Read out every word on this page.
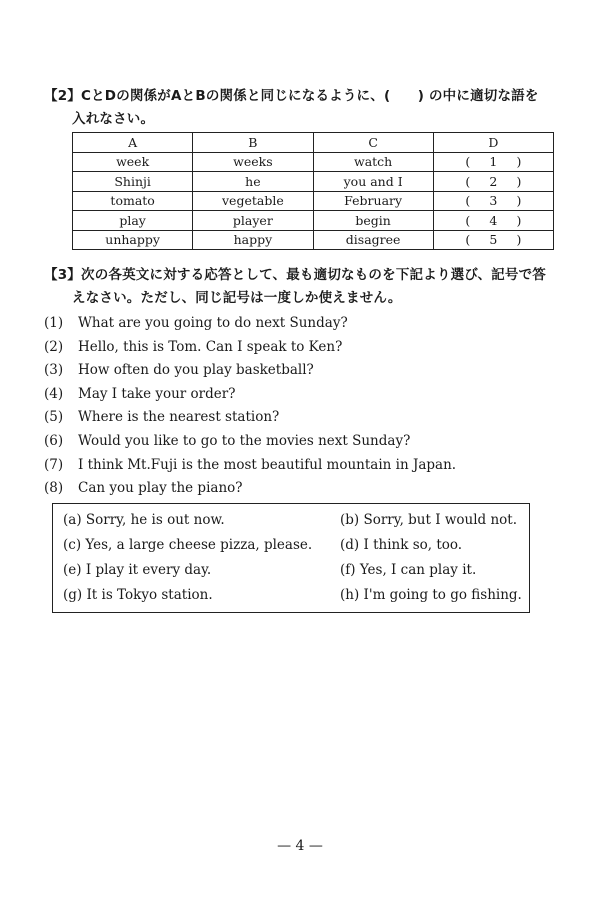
【2】CとDの関係がAとBの関係と同じになるように、(　　) の中に適切な語を
入れなさい。
A	B	C	D
week	weeks	watch	( 1 )
Shinji	he	you and I	( 2 )
tomato	vegetable	February	( 3 )
play	player	begin	( 4 )
unhappy	happy	disagree	( 5 )
【3】次の各英文に対する応答として、最も適切なものを下記より選び、記号で答
えなさい。ただし、同じ記号は一度しか使えません。
(1) What are you going to do next Sunday?
(2) Hello, this is Tom. Can I speak to Ken?
(3) How often do you play basketball?
(4) May I take your order?
(5) Where is the nearest station?
(6) Would you like to go to the movies next Sunday?
(7) I think Mt.Fuji is the most beautiful mountain in Japan.
(8) Can you play the piano?
(a) Sorry, he is out now.	(b) Sorry, but I would not.
(c) Yes, a large cheese pizza, please. (d) I think so, too.
(e) I play it every day.	(f) Yes, I can play it.
(g) It is Tokyo station.	(h) I'm going to go fishing.
— 4 —
